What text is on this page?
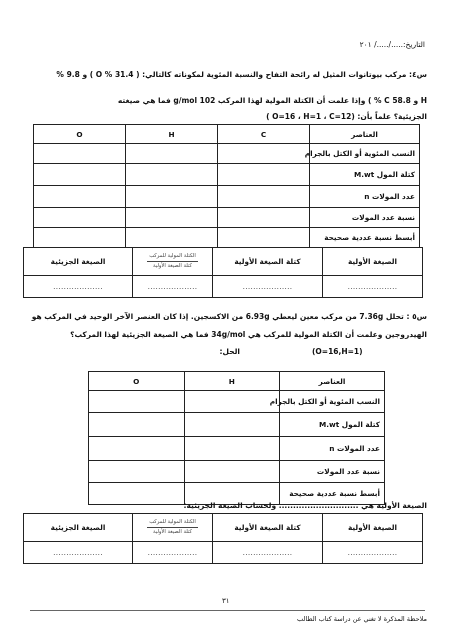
التاريخ:...../...../ ٢٠١
س٤: مركب بيوتانوات المثيل له رائحة التفاح والنسبة المئوية لمكوناته كالتالي: ( 31.4 % O ) و 9.8 %
H و 58.8 C % ) وإذا علمت أن الكتلة المولية لهذا المركب 102 g/mol فما هي صيغته
الجزيئية؟ علماً بأن: (O=16 ، H=1 ، C=12 )
العناصر	C	H	O
النسب المئوية أو الكتل بالجرام			
كتلة المول M.wt			
عدد المولات n			
نسبة عدد المولات			
أبسط نسبة عددية صحيحة			
الصيغة الأولية	كتلة الصيغة الأولية	$\frac{\text{الكتلة المولية للمركب}}{\text{كتلة الصيغة الأولية}}$	الصيغة الجزيئية
...................	...................	...................	...................
س٥ : تحلل 7.36g من مركب معين ليعطي 6.93g من الاكسجين. إذا كان العنصر الآخر الوحيد في المركب هو
الهيدروجين وعلمت أن الكتلة المولية للمركب هي 34g/mol فما هي الصيغة الجزيئية لهذا المركب؟
(O=16,H=1)
الحل:
العناصر	H	O
النسب المئوية أو الكتل بالجرام		
كتلة المول M.wt		
عدد المولات n		
نسبة عدد المولات		
أبسط نسبة عددية صحيحة		
الصيغة الأولية هي ............................ ولحساب الصيغة الجزيئية:
الصيغة الأولية	كتلة الصيغة الأولية	$\frac{\text{الكتلة المولية للمركب}}{\text{كتلة الصيغة الأولية}}$	الصيغة الجزيئية
...................	...................	...................	...................
٣١
ملاحظة المذكرة لا تغني عن دراسة كتاب الطالب
